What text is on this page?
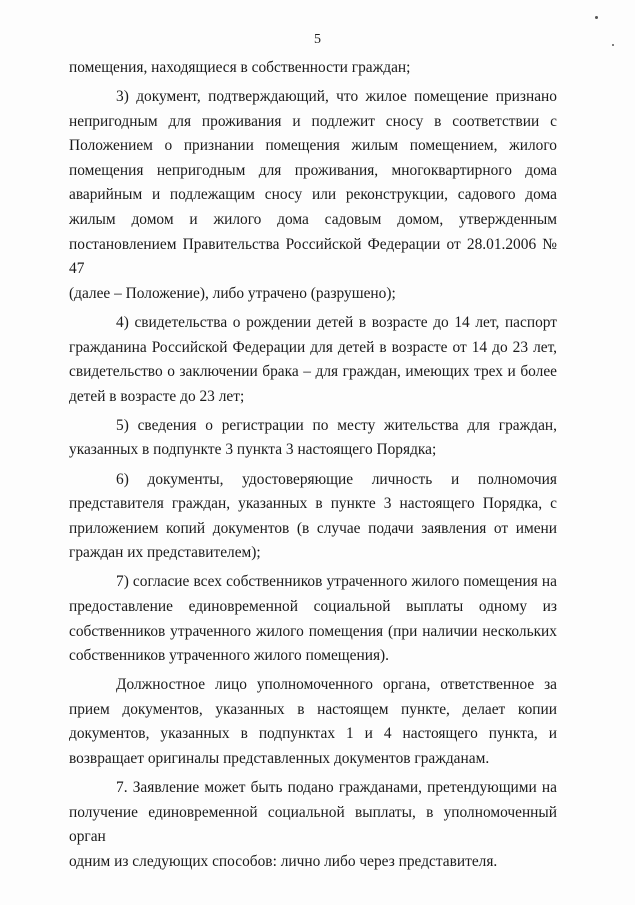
5
помещения, находящиеся в собственности граждан;
3) документ, подтверждающий, что жилое помещение признано
непригодным для проживания и подлежит сносу в соответствии с
Положением о признании помещения жилым помещением, жилого
помещения непригодным для проживания, многоквартирного дома
аварийным и подлежащим сносу или реконструкции, садового дома
жилым домом и жилого дома садовым домом, утвержденным
постановлением Правительства Российской Федерации от 28.01.2006 № 47
(далее – Положение), либо утрачено (разрушено);
4) свидетельства о рождении детей в возрасте до 14 лет, паспорт
гражданина Российской Федерации для детей в возрасте от 14 до 23 лет,
свидетельство о заключении брака – для граждан, имеющих трех и более
детей в возрасте до 23 лет;
5) сведения о регистрации по месту жительства для граждан,
указанных в подпункте 3 пункта 3 настоящего Порядка;
6) документы, удостоверяющие личность и полномочия
представителя граждан, указанных в пункте 3 настоящего Порядка, с
приложением копий документов (в случае подачи заявления от имени
граждан их представителем);
7) согласие всех собственников утраченного жилого помещения на
предоставление единовременной социальной выплаты одному из
собственников утраченного жилого помещения (при наличии нескольких
собственников утраченного жилого помещения).
Должностное лицо уполномоченного органа, ответственное за
прием документов, указанных в настоящем пункте, делает копии
документов, указанных в подпунктах 1 и 4 настоящего пункта, и
возвращает оригиналы представленных документов гражданам.
7. Заявление может быть подано гражданами, претендующими на
получение единовременной социальной выплаты, в уполномоченный орган
одним из следующих способов: лично либо через представителя.
